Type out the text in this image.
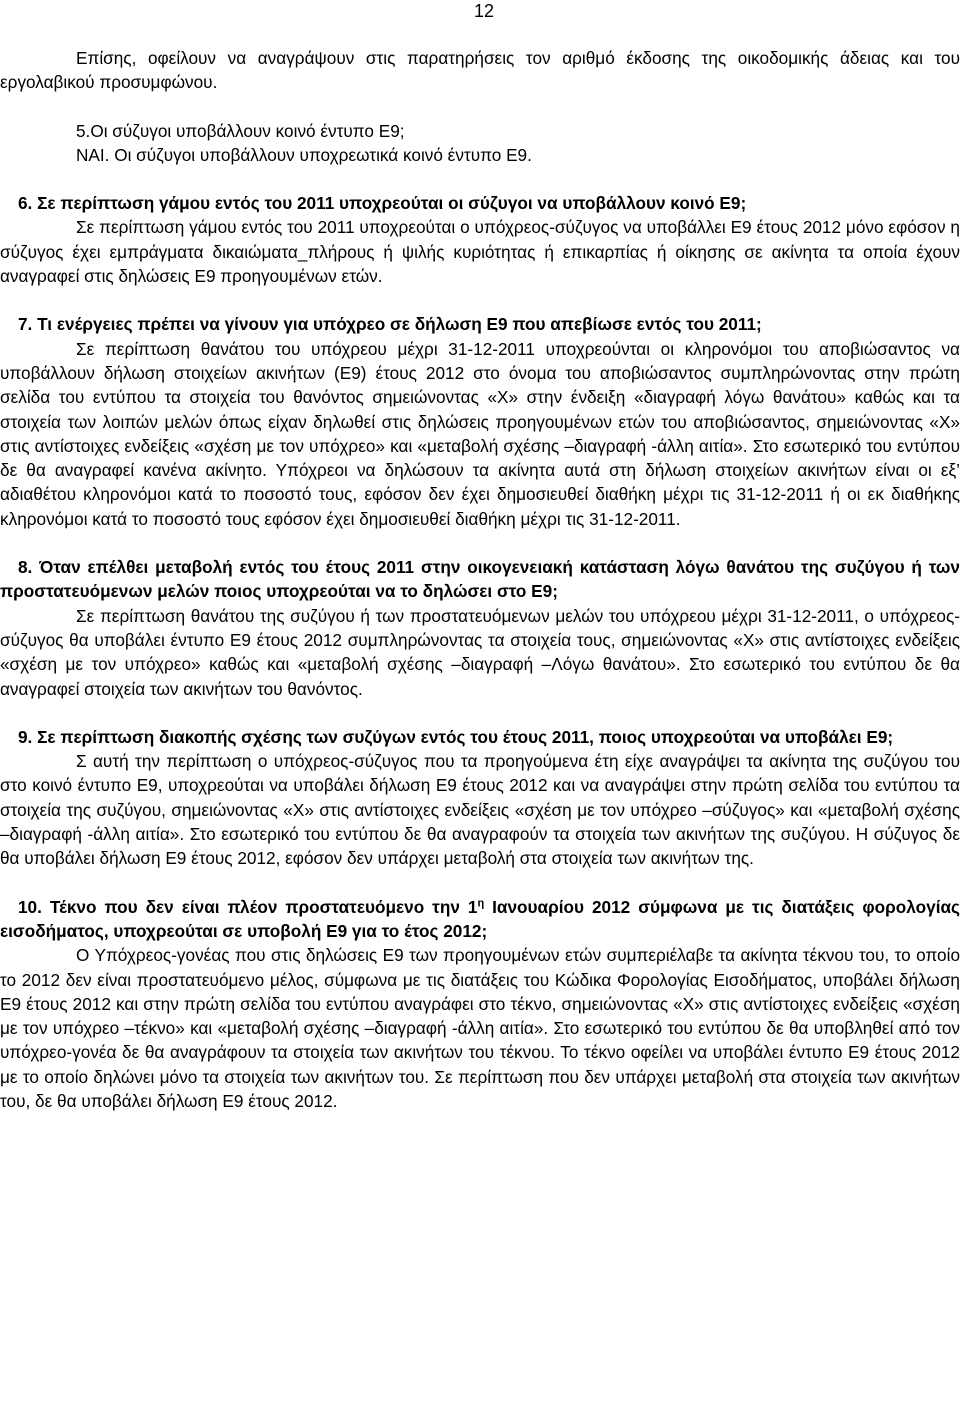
12

Επίσης, οφείλουν να αναγράψουν στις παρατηρήσεις τον αριθμό έκδοσης της οικοδομικής άδειας και του εργολαβικού προσυμφώνου.

5.Οι σύζυγοι υποβάλλουν κοινό έντυπο Ε9;

ΝΑΙ. Οι σύζυγοι υποβάλλουν υποχρεωτικά κοινό έντυπο Ε9.

6. Σε περίπτωση γάμου εντός του 2011 υποχρεούται οι σύζυγοι να υποβάλλουν κοινό Ε9;

Σε περίπτωση γάμου εντός του 2011 υποχρεούται ο υπόχρεος-σύζυγος να υποβάλλει Ε9 έτους 2012 μόνο εφόσον η σύζυγος έχει εμπράγματα δικαιώματα_πλήρους ή ψιλής κυριότητας ή επικαρπίας ή οίκησης σε ακίνητα τα οποία έχουν αναγραφεί στις δηλώσεις Ε9 προηγουμένων ετών.

7. Τι ενέργειες πρέπει να γίνουν για υπόχρεο σε δήλωση Ε9 που απεβίωσε εντός του 2011;

Σε περίπτωση θανάτου του υπόχρεου μέχρι 31-12-2011 υποχρεούνται οι κληρονόμοι του αποβιώσαντος να υποβάλλουν δήλωση στοιχείων ακινήτων (Ε9) έτους 2012 στο όνομα του αποβιώσαντος συμπληρώνοντας στην πρώτη σελίδα του εντύπου τα στοιχεία του θανόντος σημειώνοντας «Χ» στην ένδειξη «διαγραφή λόγω θανάτου» καθώς και τα στοιχεία των λοιπών μελών όπως είχαν δηλωθεί στις δηλώσεις προηγουμένων ετών του αποβιώσαντος, σημειώνοντας «Χ» στις αντίστοιχες ενδείξεις «σχέση με τον υπόχρεο» και «μεταβολή σχέσης –διαγραφή -άλλη αιτία». Στο εσωτερικό του εντύπου δε θα αναγραφεί κανένα ακίνητο. Υπόχρεοι να δηλώσουν τα ακίνητα αυτά στη δήλωση στοιχείων ακινήτων είναι οι εξ’ αδιαθέτου κληρονόμοι κατά το ποσοστό τους, εφόσον δεν έχει δημοσιευθεί διαθήκη μέχρι τις 31-12-2011 ή οι εκ διαθήκης κληρονόμοι κατά το ποσοστό τους εφόσον έχει δημοσιευθεί διαθήκη μέχρι τις 31-12-2011.

8. Όταν επέλθει μεταβολή εντός του έτους 2011 στην οικογενειακή κατάσταση λόγω θανάτου της συζύγου ή των προστατευόμενων μελών ποιος υποχρεούται να το δηλώσει στο Ε9;

Σε περίπτωση θανάτου της συζύγου ή των προστατευόμενων μελών του υπόχρεου μέχρι 31-12-2011, ο υπόχρεος-σύζυγος θα υποβάλει έντυπο Ε9 έτους 2012 συμπληρώνοντας τα στοιχεία τους, σημειώνοντας «Χ» στις αντίστοιχες ενδείξεις «σχέση με τον υπόχρεο» καθώς και «μεταβολή σχέσης –διαγραφή –Λόγω θανάτου». Στο εσωτερικό του εντύπου δε θα αναγραφεί στοιχεία των ακινήτων του θανόντος.

9. Σε περίπτωση διακοπής σχέσης των συζύγων εντός του έτους 2011, ποιος υποχρεούται να υποβάλει Ε9;

Σ αυτή την περίπτωση ο υπόχρεος-σύζυγος που τα προηγούμενα έτη είχε αναγράψει τα ακίνητα της συζύγου του στο κοινό έντυπο Ε9, υποχρεούται να υποβάλει δήλωση Ε9 έτους 2012 και να αναγράψει στην πρώτη σελίδα του εντύπου τα στοιχεία της συζύγου, σημειώνοντας «Χ» στις αντίστοιχες ενδείξεις «σχέση με τον υπόχρεο –σύζυγος» και «μεταβολή σχέσης –διαγραφή -άλλη αιτία». Στο εσωτερικό του εντύπου δε θα αναγραφούν τα στοιχεία των ακινήτων της συζύγου. Η σύζυγος δε θα υποβάλει δήλωση Ε9 έτους 2012, εφόσον δεν υπάρχει μεταβολή στα στοιχεία των ακινήτων της.

10. Τέκνο που δεν είναι πλέον προστατευόμενο την $1^\eta$ Ιανουαρίου 2012 σύμφωνα με τις διατάξεις φορολογίας εισοδήματος, υποχρεούται σε υποβολή Ε9 για το έτος 2012;

Ο Υπόχρεος-γονέας που στις δηλώσεις Ε9 των προηγουμένων ετών συμπεριέλαβε τα ακίνητα τέκνου του, το οποίο το 2012 δεν είναι προστατευόμενο μέλος, σύμφωνα με τις διατάξεις του Κώδικα Φορολογίας Εισοδήματος, υποβάλει δήλωση Ε9 έτους 2012 και στην πρώτη σελίδα του εντύπου αναγράφει στο τέκνο, σημειώνοντας «Χ» στις αντίστοιχες ενδείξεις «σχέση με τον υπόχρεο –τέκνο» και «μεταβολή σχέσης –διαγραφή -άλλη αιτία». Στο εσωτερικό του εντύπου δε θα υποβληθεί από τον υπόχρεο-γονέα δε θα αναγράφουν τα στοιχεία των ακινήτων του τέκνου. Το τέκνο οφείλει να υποβάλει έντυπο Ε9 έτους 2012 με το οποίο δηλώνει μόνο τα στοιχεία των ακινήτων του. Σε περίπτωση που δεν υπάρχει μεταβολή στα στοιχεία των ακινήτων του, δε θα υποβάλει δήλωση Ε9 έτους 2012.
